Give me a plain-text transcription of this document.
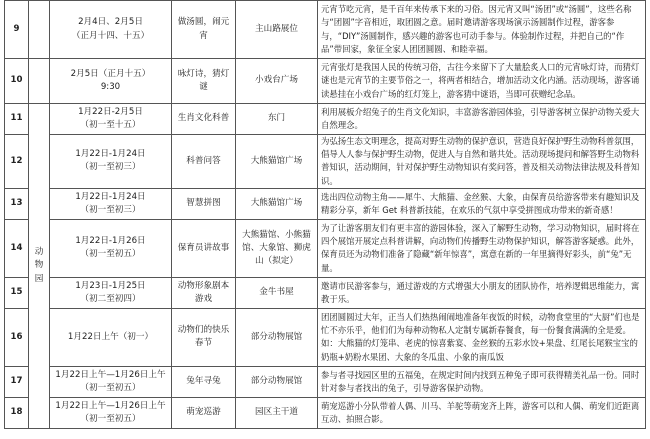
9		2月4日、2月5日
（正月十四、十五）	做汤圆，闹元宵	主山路展位	元宵节吃元宵，是千百年来传承下来的习俗。因元宵又叫“汤团”或“汤圆”，这些名称与“团圆”字音相近，取团圆之意。届时邀请游客现场演示汤圆制作过程，游客参与，“DIY”汤圆制作，感兴趣的游客也可动手参与。体验制作过程，并把自己的“作品”带回家，象征全家人团团圆圆、和睦幸福。
10		2月5日（正月十五）
9:30	咏灯诗，猜灯谜	小戏台广场	元宵张灯是我国人民的传统习俗，古往今来留下了大量脍炙人口的元宵咏灯诗，而猜灯谜也是元宵节的主要节俗之一，将两者相结合，增加活动文化内涵。活动现场，游客诵读悬挂在小戏台广场的红灯笼上，游客猜中谜语，当即可获赠纪念品。
11	动物园	1月22日-2月5日
（初一至十五）	生肖文化科普	东门	利用展板介绍兔子的生肖文化知识，丰富游客游园体验，引导游客树立保护动物关爱大自然理念。
12		1月22日-1月24日
（初一至初三）	科普问答	大熊猫馆广场	为弘扬生态文明理念，提高对野生动物的保护意识，营造良好保护野生动物科普氛围，倡导人人参与保护野生动物，促进人与自然和谐共处。活动现场提问和解答野生动物科普知识，活动期间，针对保护野生动物知识有奖问答，普及相关动物法律法规及科普知识。
13		1月22日-1月24日
（初一至初三）	智慧拼图	大熊猫馆广场	选出四位动物主角——犀牛、大熊猫、金丝猴、大象，由保育员给游客带来有趣知识及精彩分享，新年 Get 科普新技能，在欢乐的气氛中享受拼图成功带来的新奇感！
14		1月22日-1月26日
（初一至初五）	保育员讲故事	大熊猫馆、小熊猫馆、大象馆、狮虎山（拟定）	为了让游客朋友们有更丰富的游园体验，深入了解野生动物，学习动物知识，届时将在四个展馆开展定点科普讲解，向动物们传播野生动物保护知识，解答游客疑惑。此外，保育员还为动物们准备了隐藏“新年惊喜”，寓意在新的一年里摘得好彩头，前“兔”无量。
15		1月23日-1月25日
（初二至初四）	动物形象剧本游戏	金牛书屋	邀请市民游客参与，通过游戏的方式增强大小朋友的团队协作，培养逻辑思维能力，寓教于乐。
16		1月22日上午（初一）	动物们的快乐春节	部分动物展馆	团团圆圆过大年，正当人们热热闹闹地准备年夜饭的时候，动物食堂里的“大厨”们也是忙不亦乐乎，他们们为每种动物私人定制专属新春餐食，每一份餐食满满的全是爱。如：大熊猫的灯笼串、老虎的惊喜紫宴、金丝猴的五彩水饺+果盘、红尾长尾猴宝宝的奶瓶+奶粉水果团、大象的冬瓜盅、小象的南瓜饭
17		1月22日上午—1月26日上午
（初一至初五）	兔年寻兔	部分动物展馆	参与者寻找园区里的五福兔，在规定时间内找到五种兔子即可获得精美礼品一份。同时针对参与者找出的兔子，引导游客保护动物。
18		1月22日上午—1月26日上午
（初一至初五）	萌宠巡游	园区主干道	萌宠巡游小分队带着人偶、川马、羊驼等萌宠齐上阵，游客可以和人偶、萌宠们近距离互动、拍照合影。
